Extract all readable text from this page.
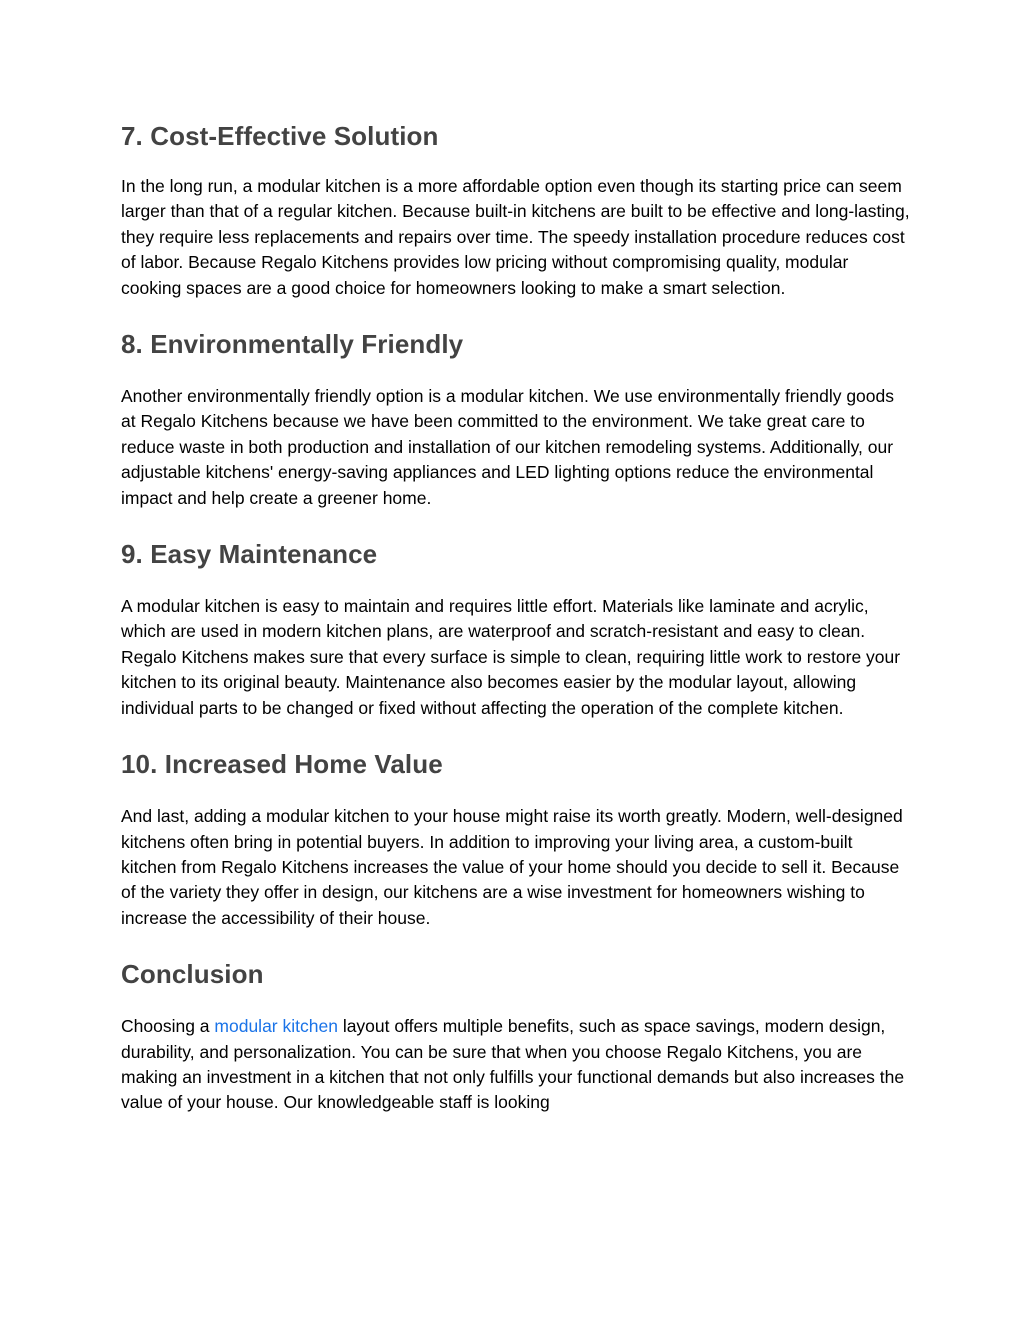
7. Cost-Effective Solution

In the long run, a modular kitchen is a more affordable option even though its starting price can seem larger than that of a regular kitchen. Because built-in kitchens are built to be effective and long-lasting, they require less replacements and repairs over time. The speedy installation procedure reduces cost of labor. Because Regalo Kitchens provides low pricing without compromising quality, modular cooking spaces are a good choice for homeowners looking to make a smart selection.

8. Environmentally Friendly

Another environmentally friendly option is a modular kitchen. We use environmentally friendly goods at Regalo Kitchens because we have been committed to the environment. We take great care to reduce waste in both production and installation of our kitchen remodeling systems. Additionally, our adjustable kitchens' energy-saving appliances and LED lighting options reduce the environmental impact and help create a greener home.

9. Easy Maintenance

A modular kitchen is easy to maintain and requires little effort. Materials like laminate and acrylic, which are used in modern kitchen plans, are waterproof and scratch-resistant and easy to clean. Regalo Kitchens makes sure that every surface is simple to clean, requiring little work to restore your kitchen to its original beauty. Maintenance also becomes easier by the modular layout, allowing individual parts to be changed or fixed without affecting the operation of the complete kitchen.

10. Increased Home Value

And last, adding a modular kitchen to your house might raise its worth greatly. Modern, well-designed kitchens often bring in potential buyers. In addition to improving your living area, a custom-built kitchen from Regalo Kitchens increases the value of your home should you decide to sell it. Because of the variety they offer in design, our kitchens are a wise investment for homeowners wishing to increase the accessibility of their house.

Conclusion

Choosing a modular kitchen layout offers multiple benefits, such as space savings, modern design, durability, and personalization. You can be sure that when you choose Regalo Kitchens, you are making an investment in a kitchen that not only fulfills your functional demands but also increases the value of your house. Our knowledgeable staff is looking
